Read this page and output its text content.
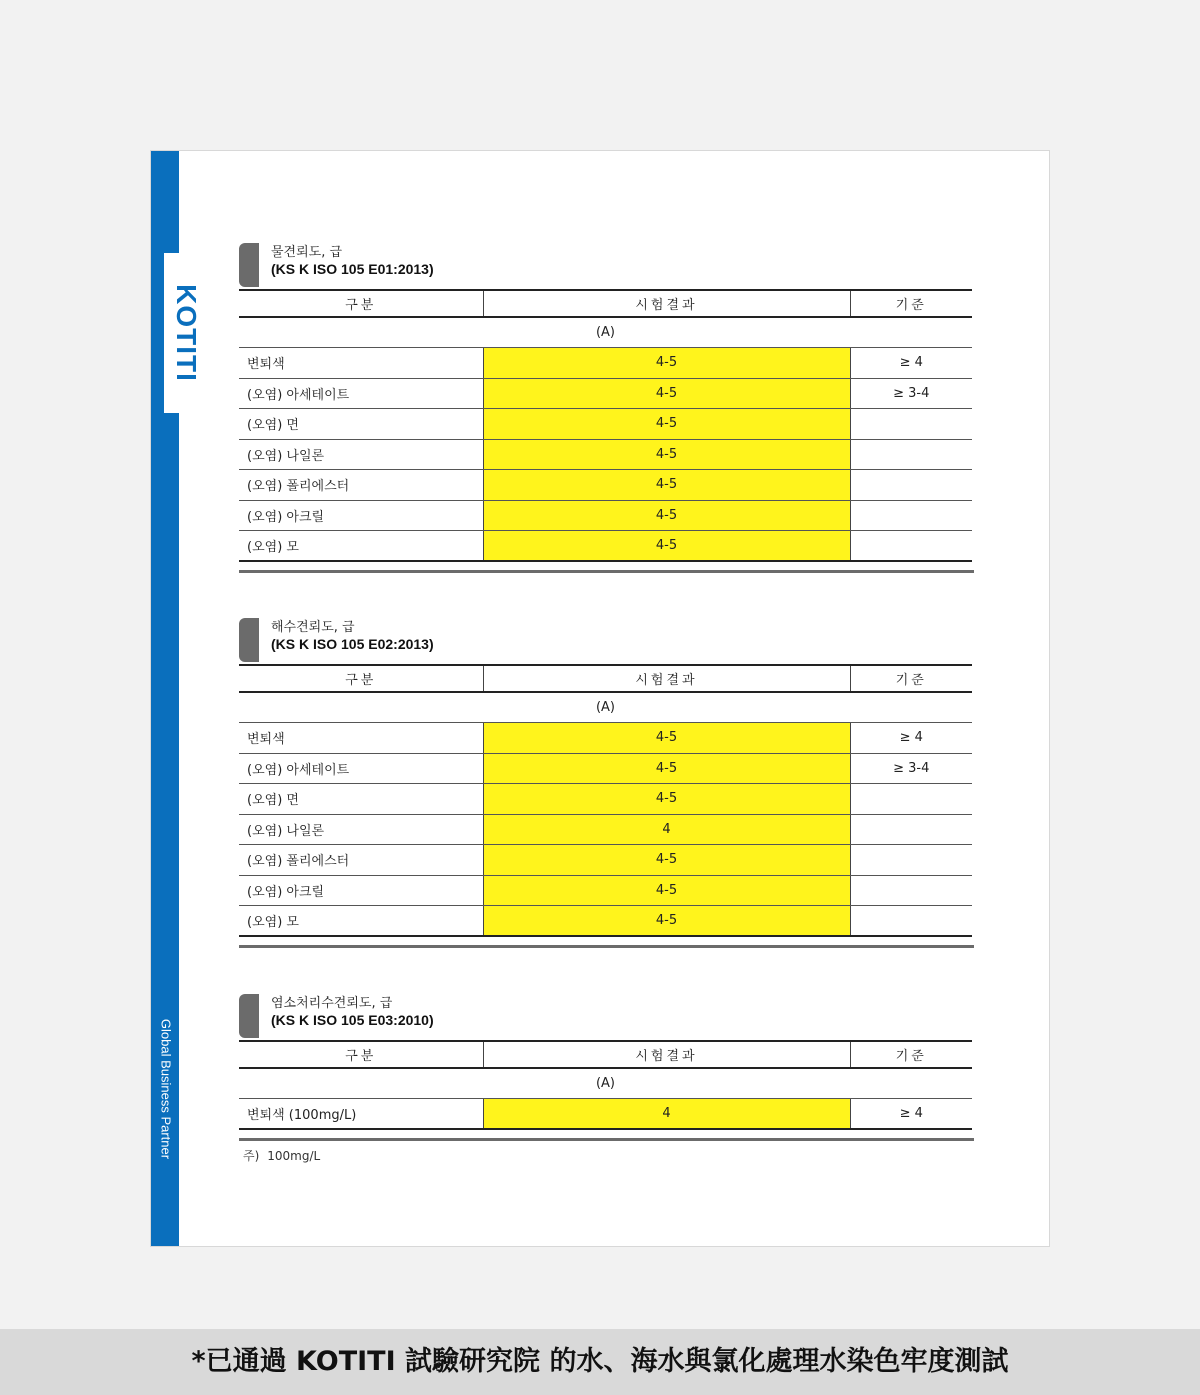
KOTITI
Global Business Partner
물견뢰도, 급
(KS K ISO 105 E01:2013)
구분	시험결과	기준
(A)		
변퇴색	4-5	≥ 4
(오염) 아세테이트	4-5	≥ 3-4
(오염) 면	4-5	
(오염) 나일론	4-5	
(오염) 폴리에스터	4-5	
(오염) 아크릴	4-5	
(오염) 모	4-5	
해수견뢰도, 급
(KS K ISO 105 E02:2013)
구분	시험결과	기준
(A)		
변퇴색	4-5	≥ 4
(오염) 아세테이트	4-5	≥ 3-4
(오염) 면	4-5	
(오염) 나일론	4	
(오염) 폴리에스터	4-5	
(오염) 아크릴	4-5	
(오염) 모	4-5	
염소처리수견뢰도, 급
(KS K ISO 105 E03:2010)
구분	시험결과	기준
(A)		
변퇴색 (100mg/L)	4	≥ 4
주) 100mg/L
*已通過 KOTITI 試驗研究院 的水、海水與氯化處理水染色牢度測試
